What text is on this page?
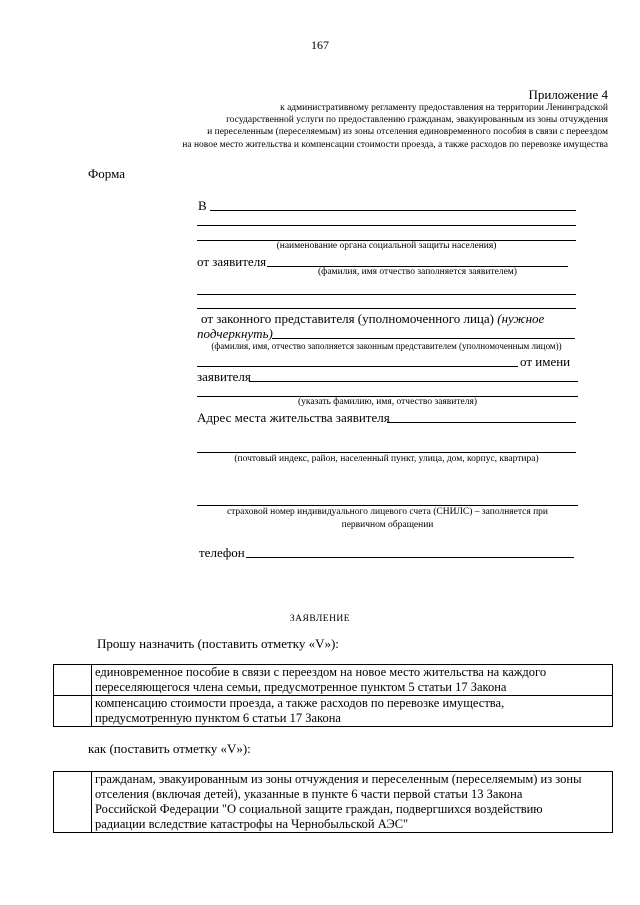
167
Приложение 4
к административному регламенту предоставления на территории Ленинградской
государственной услуги по предоставлению гражданам, эвакуированным из зоны отчуждения
и переселенным (переселяемым) из зоны отселения единовременного пособия в связи с переездом
на новое место жительства и компенсации стоимости проезда, а также расходов по перевозке имущества
Форма
В
(наименование органа социальной защиты населения)
от заявителя
(фамилия, имя отчество заполняется заявителем)
от законного представителя (уполномоченного лица) (нужное
подчеркнуть)
(фамилия, имя, отчество заполняется законным представителем (уполномоченным лицом))
от имени
заявителя
(указать фамилию, имя, отчество заявителя)
Адрес места жительства заявителя
(почтовый индекс, район, населенный пункт, улица, дом, корпус, квартира)
страховой номер индивидуального лицевого счета (СНИЛС) – заполняется при
первичном обращении
телефон
ЗАЯВЛЕНИЕ
Прошу назначить (поставить отметку «V»):

	единовременное пособие в связи с переездом на новое место жительства на каждого
переселяющегося члена семьи, предусмотренное пунктом 5 статьи 17 Закона

	компенсацию стоимости проезда, а также расходов по перевозке имущества,
предусмотренную пунктом 6 статьи 17 Закона
как (поставить отметку «V»):

гражданам, эвакуированным из зоны отчуждения и переселенным (переселяемым) из зоны
отселения (включая детей), указанные в пункте 6 части первой статьи 13 Закона
Российской Федерации "О социальной защите граждан, подвергшихся воздействию
радиации вследствие катастрофы на Чернобыльской АЭС"
